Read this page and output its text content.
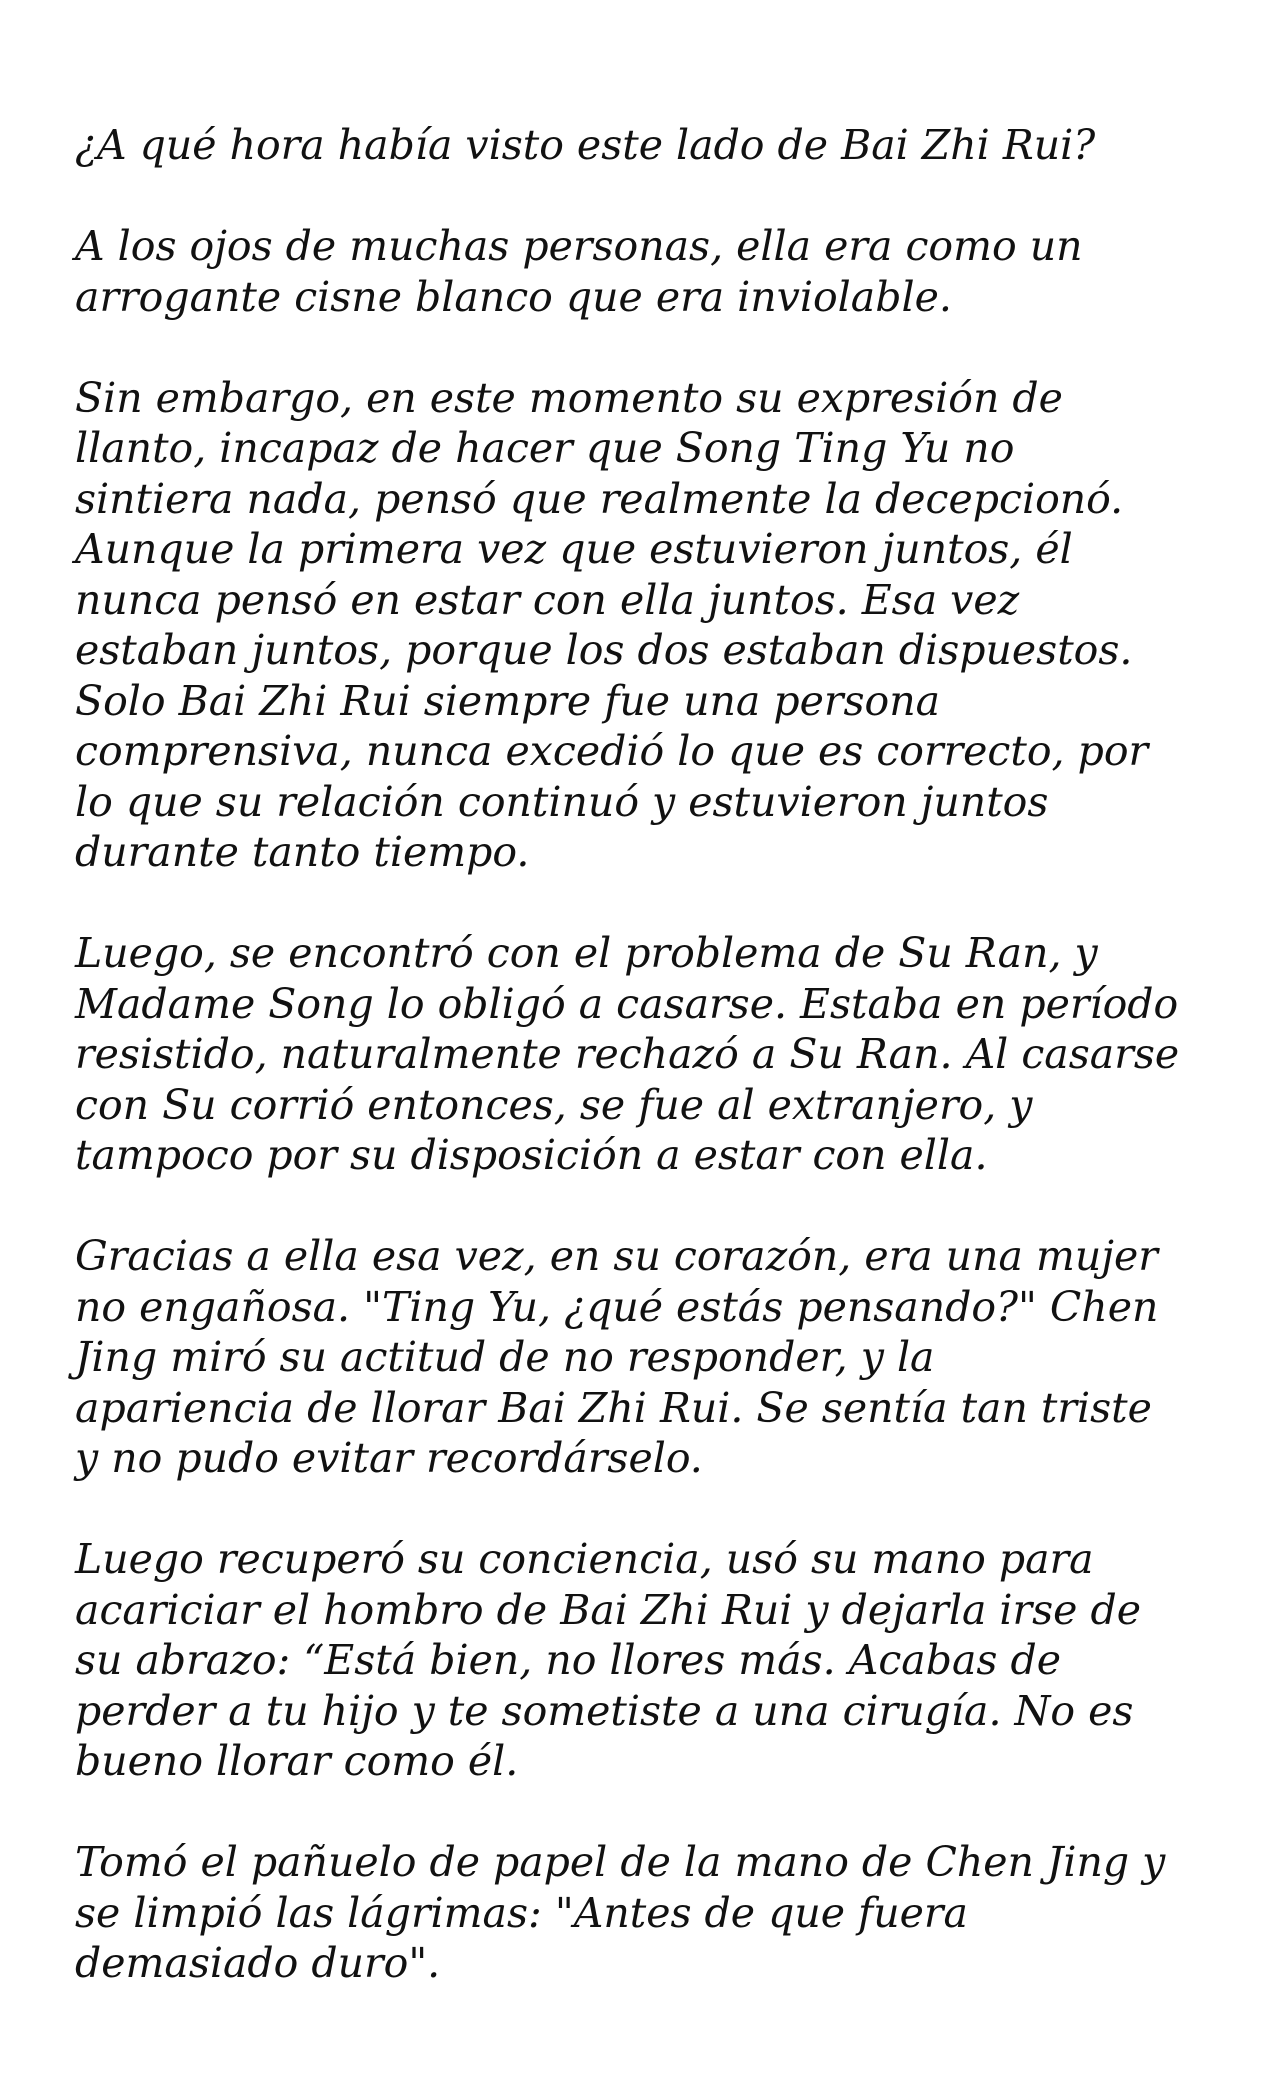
¿A qué hora había visto este lado de Bai Zhi Rui?

A los ojos de muchas personas, ella era como un
arrogante cisne blanco que era inviolable.

Sin embargo, en este momento su expresión de
llanto, incapaz de hacer que Song Ting Yu no
sintiera nada, pensó que realmente la decepcionó.
Aunque la primera vez que estuvieron juntos, él
nunca pensó en estar con ella juntos. Esa vez
estaban juntos, porque los dos estaban dispuestos.
Solo Bai Zhi Rui siempre fue una persona
comprensiva, nunca excedió lo que es correcto, por
lo que su relación continuó y estuvieron juntos
durante tanto tiempo.

Luego, se encontró con el problema de Su Ran, y
Madame Song lo obligó a casarse. Estaba en período
resistido, naturalmente rechazó a Su Ran. Al casarse
con Su corrió entonces, se fue al extranjero, y
tampoco por su disposición a estar con ella.

Gracias a ella esa vez, en su corazón, era una mujer
no engañosa. "Ting Yu, ¿qué estás pensando?" Chen
Jing miró su actitud de no responder, y la
apariencia de llorar Bai Zhi Rui. Se sentía tan triste
y no pudo evitar recordárselo.

Luego recuperó su conciencia, usó su mano para
acariciar el hombro de Bai Zhi Rui y dejarla irse de
su abrazo: “Está bien, no llores más. Acabas de
perder a tu hijo y te sometiste a una cirugía. No es
bueno llorar como él.

Tomó el pañuelo de papel de la mano de Chen Jing y
se limpió las lágrimas: "Antes de que fuera
demasiado duro".
